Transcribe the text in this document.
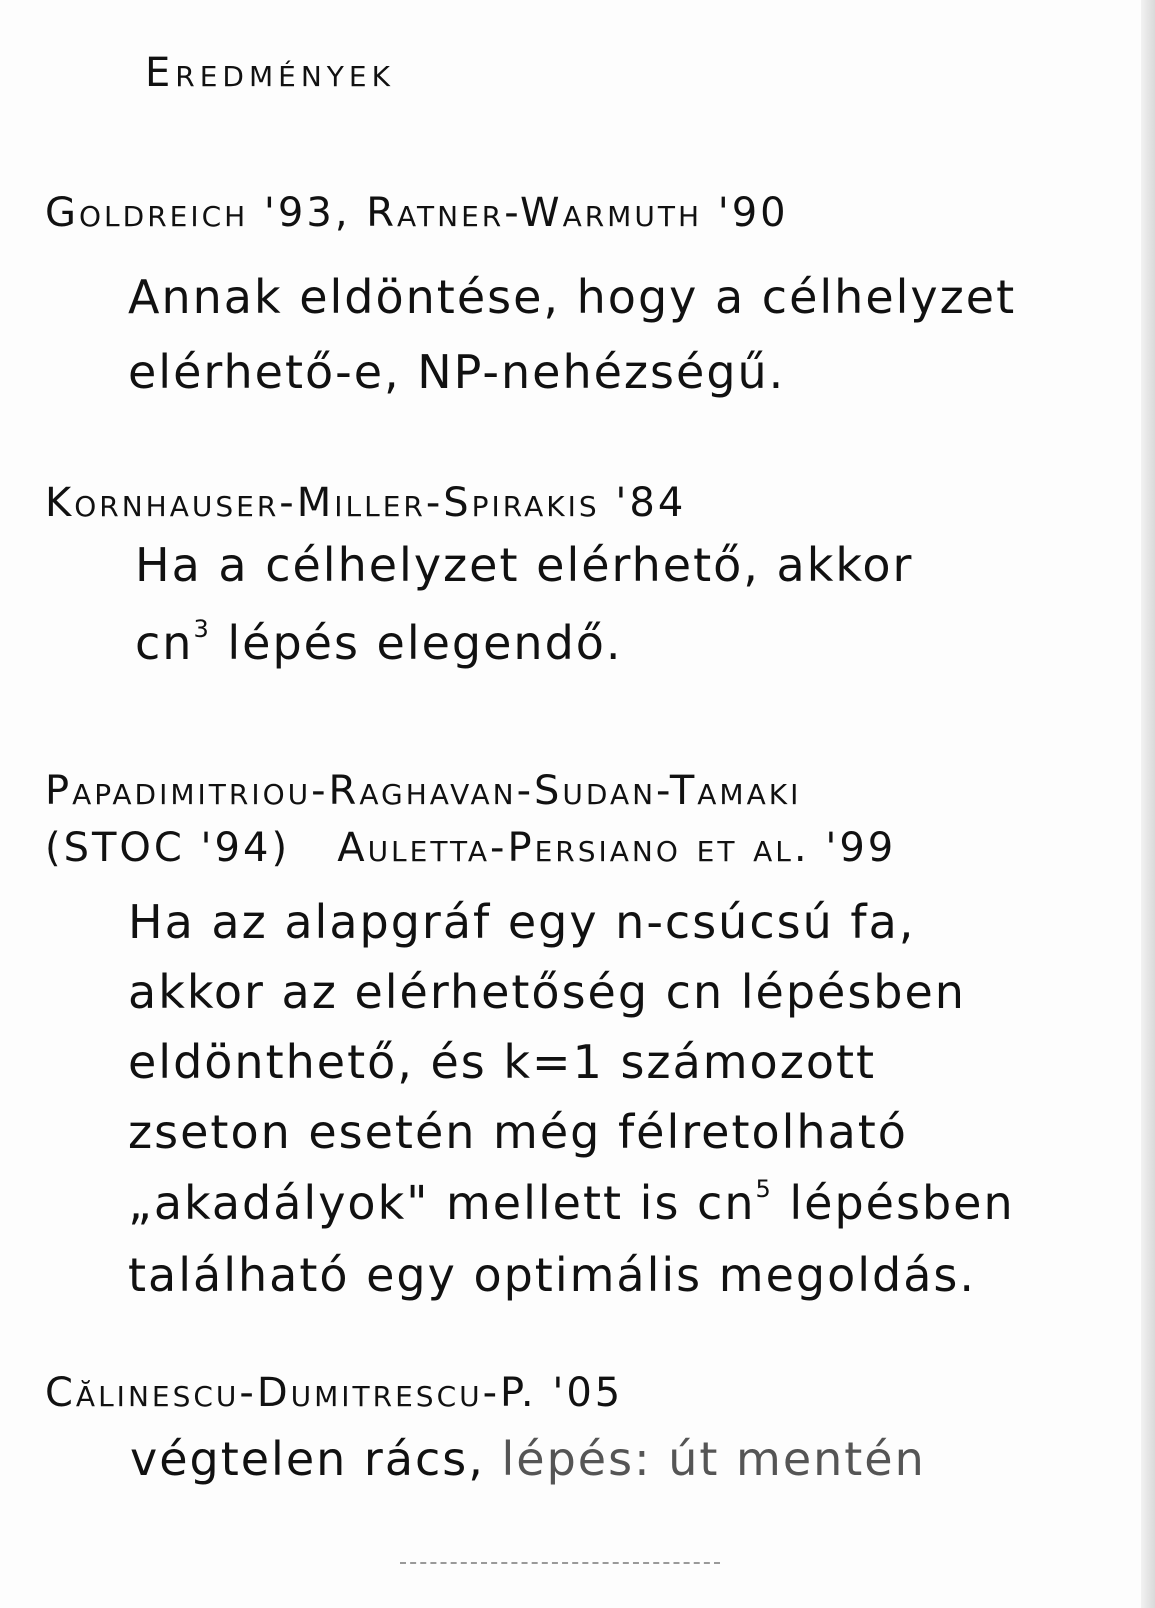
Eredmények
Goldreich '93, Ratner-Warmuth '90
Annak eldöntése, hogy a célhelyzet
elérhető-e, NP-nehézségű.
Kornhauser-Miller-Spirakis '84
Ha a célhelyzet elérhető, akkor
$cn^3$ lépés elegendő.
Papadimitriou-Raghavan-Sudan-Tamaki
(STOC '94)   Auletta-Persiano et al. '99
Ha az alapgráf egy n-csúcsú fa,
akkor az elérhetőség cn lépésben
eldönthető, és k=1 számozott
zseton esetén még félretolható
„akadályok" mellett is $cn^5$ lépésben
található egy optimális megoldás.
Călinescu-Dumitrescu-P. '05
végtelen rács, lépés: út mentén
